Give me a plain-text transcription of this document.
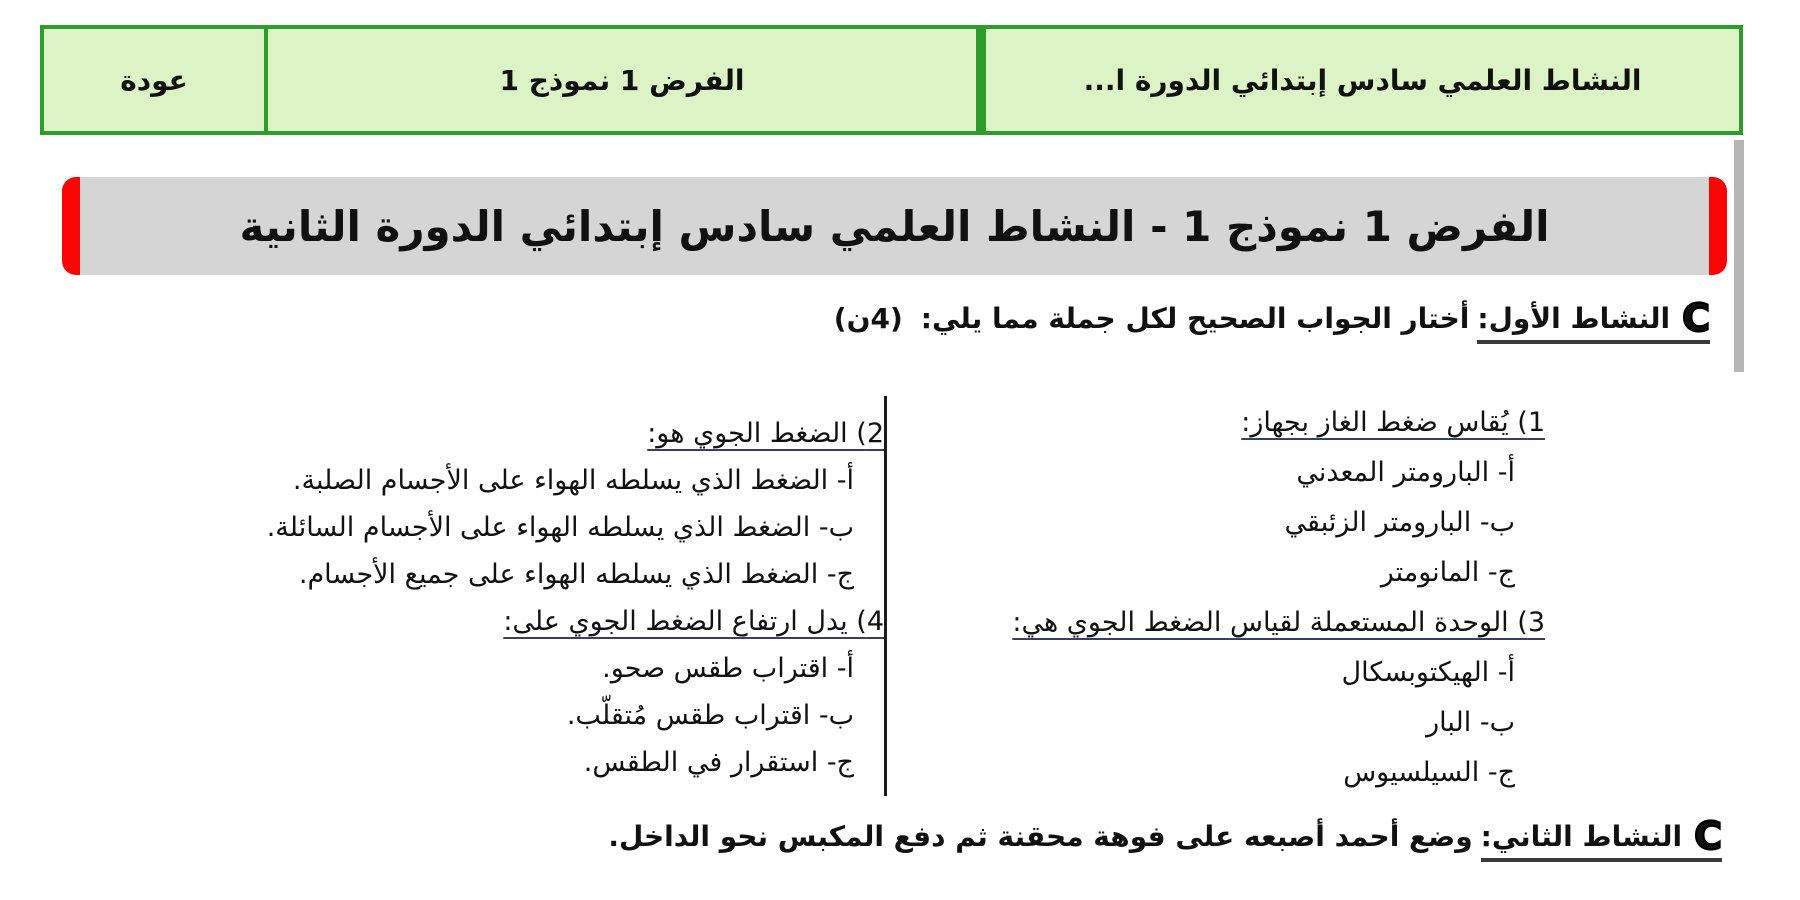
عودة	الفرض 1 نموذج 1	النشاط العلمي سادس إبتدائي الدورة ا...
الفرض 1 نموذج 1 - النشاط العلمي سادس إبتدائي الدورة الثانية
Cالنشاط الأول:أختار الجواب الصحيح لكل جملة مما يلي:(4ن)
1) يُقاس ضغط الغاز بجهاز:
أ- البارومتر المعدني
ب- البارومتر الزئبقي
ج- المانومتر
3) الوحدة المستعملة لقياس الضغط الجوي هي:
أ- الهيكتوبسكال
ب- البار
ج- السيلسيوس
2) الضغط الجوي هو:
أ- الضغط الذي يسلطه الهواء على الأجسام الصلبة.
ب- الضغط الذي يسلطه الهواء على الأجسام السائلة.
ج- الضغط الذي يسلطه الهواء على جميع الأجسام.
4) يدل ارتفاع الضغط الجوي على:
أ- اقتراب طقس صحو.
ب- اقتراب طقس مُتقلّب.
ج- استقرار في الطقس.
Cالنشاط الثاني:وضع أحمد أصبعه على فوهة محقنة ثم دفع المكبس نحو الداخل.
